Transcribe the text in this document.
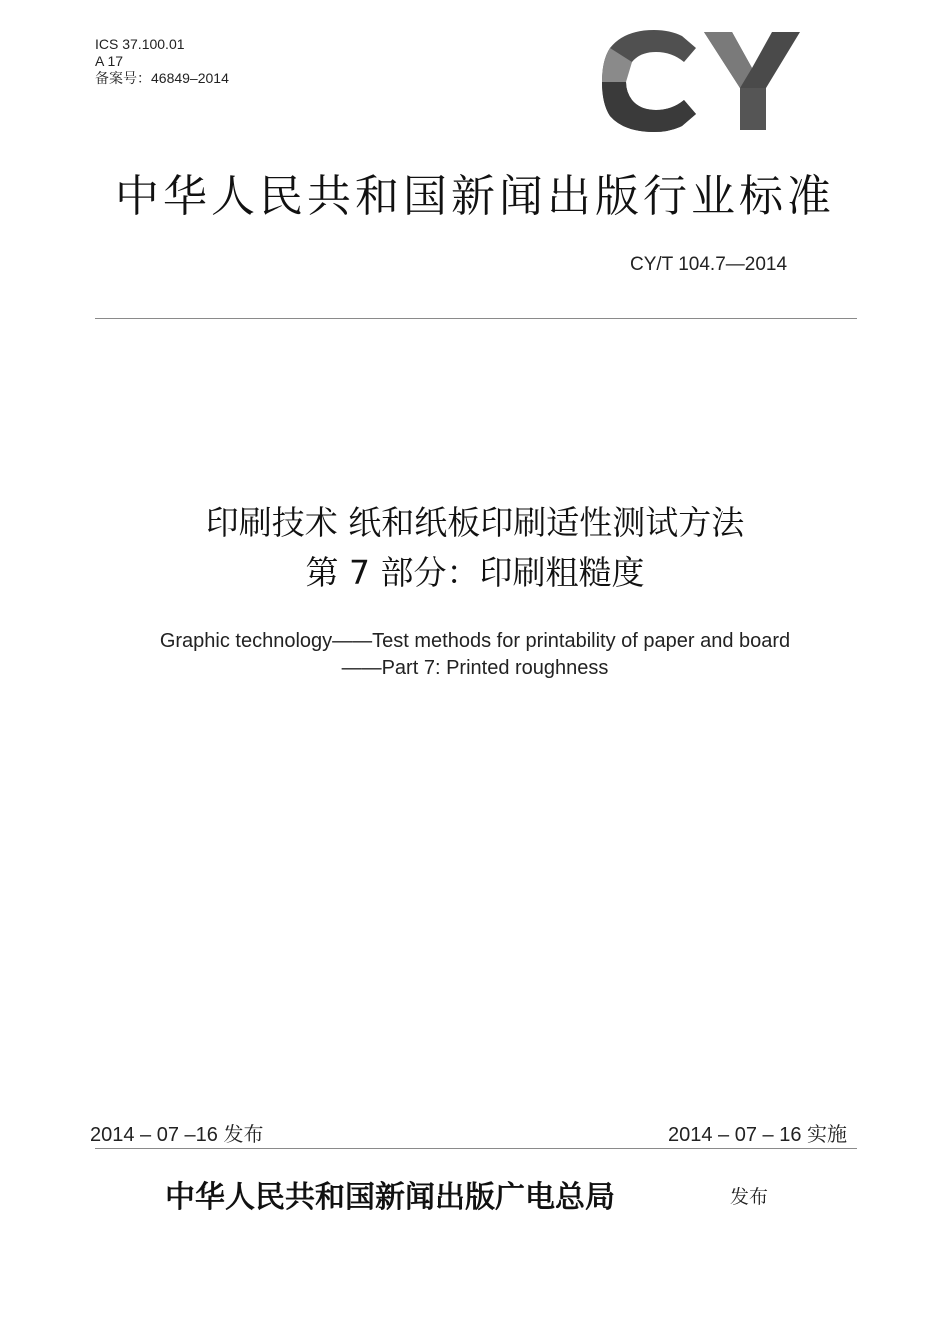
ICS 37.100.01
A 17
备案号：46849–2014
中华人民共和国新闻出版行业标准
CY/T 104.7—2014
印刷技术 纸和纸板印刷适性测试方法
第 7 部分：印刷粗糙度
Graphic technology——Test methods for printability of paper and board
——Part 7: Printed roughness
2014 – 07 –16 发布	2014 – 07 – 16 实施
中华人民共和国新闻出版广电总局	发布
